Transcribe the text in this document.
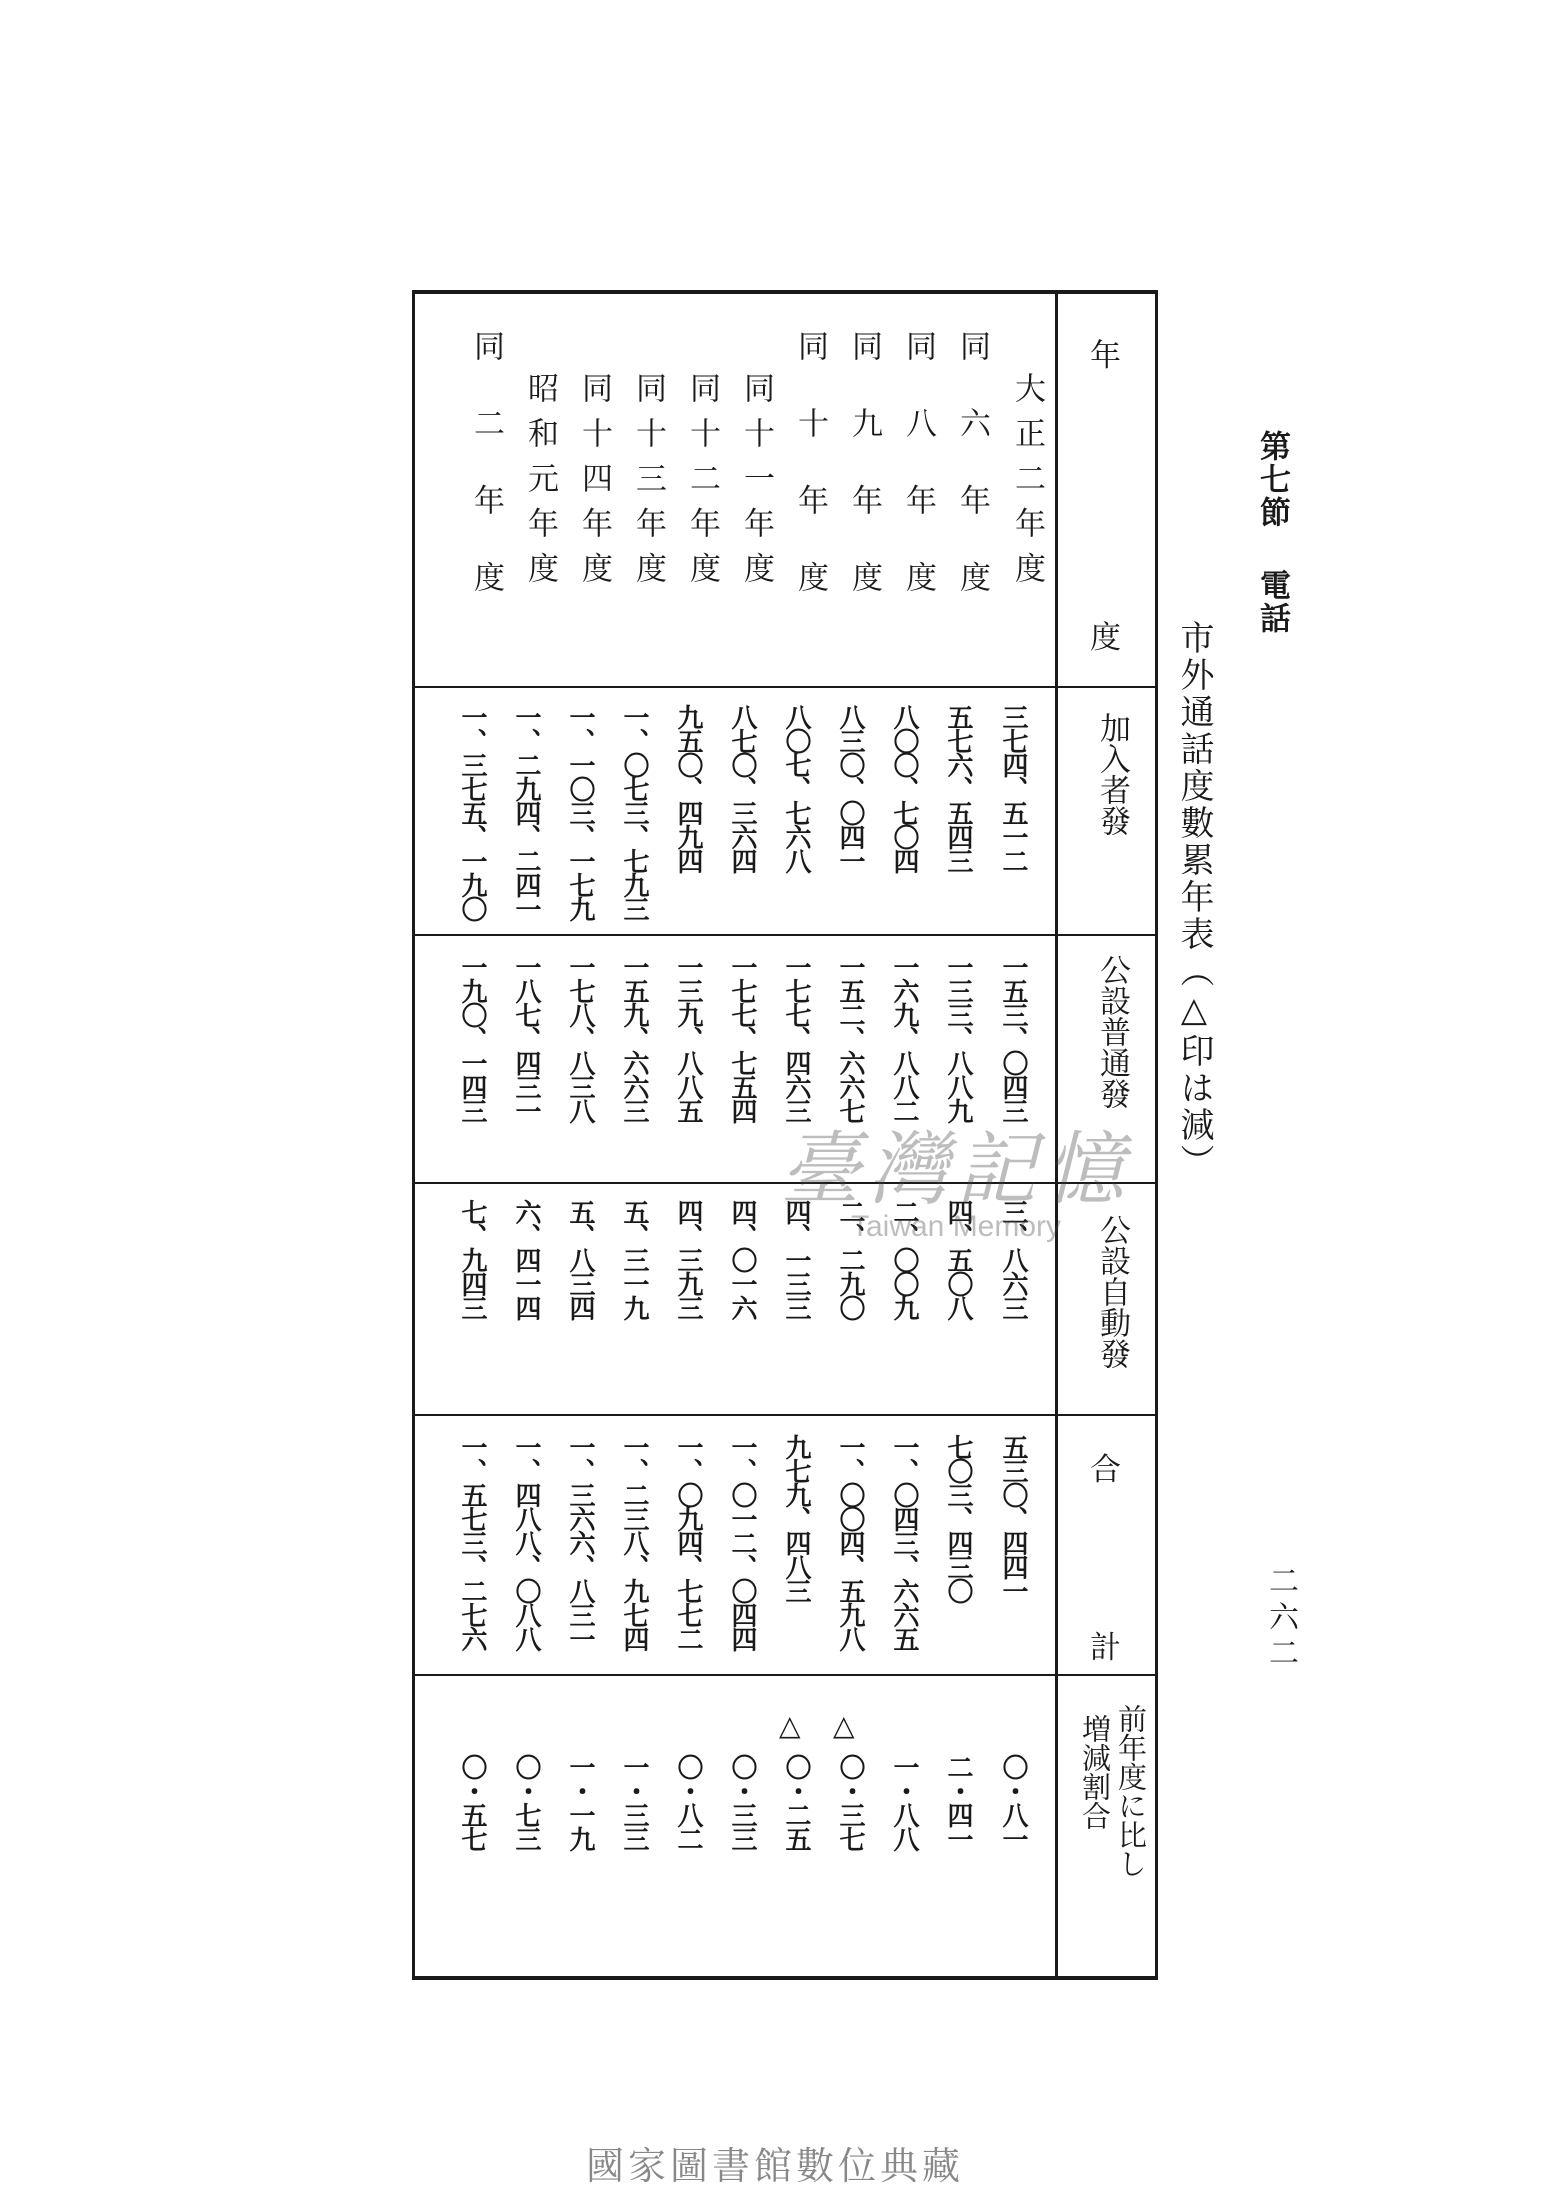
第七節電話
二六二
市外通話度數累年表（△印は減）
年
度
加入者發
公設普通發
公設自動發
合
計
前年度に比し
増減割合
大正二年度
三七四、五一二
一五三、〇四三
三、八六三
五三〇、四四一
〇・八一
同六年度
五七六、五四三
一三三、八八九
四、五〇八
七〇三、四三〇
二・四一
同八年度
八〇〇、七〇四
一六九、八八二
二、〇〇九
一、〇四三、六六五
一・八八
同九年度
八三〇、〇四一
一五二、六六七
二、二九〇
一、〇〇四、五九八
〇・三七
△
同十年度
八〇七、七六八
一七七、四六三
四、一三三
九七九、四八三
〇・二五
△
同十一年度
八七〇、三六四
一七七、七五四
四、〇一六
一、〇一二、〇四四
〇・三三
同十二年度
九五〇、四九四
一三九、八八五
四、三九三
一、〇九四、七七二
〇・八二
同十三年度
一、〇七三、七九三
一五九、六六三
五、三一九
一、二三八、九七四
一・三三
同十四年度
一、一〇三、一七九
一七八、八三八
五、八三四
一、三六六、八三一
一・一九
昭和元年度
一、二九四、二四一
一八七、四三一
六、四一四
一、四八八、〇八八
〇・七三
同二年度
一、三七五、一九〇
一九〇、一四三
七、九四三
一、五七三、二七六
〇・五七
臺灣記憶
Taiwan Memory
國家圖書館數位典藏
